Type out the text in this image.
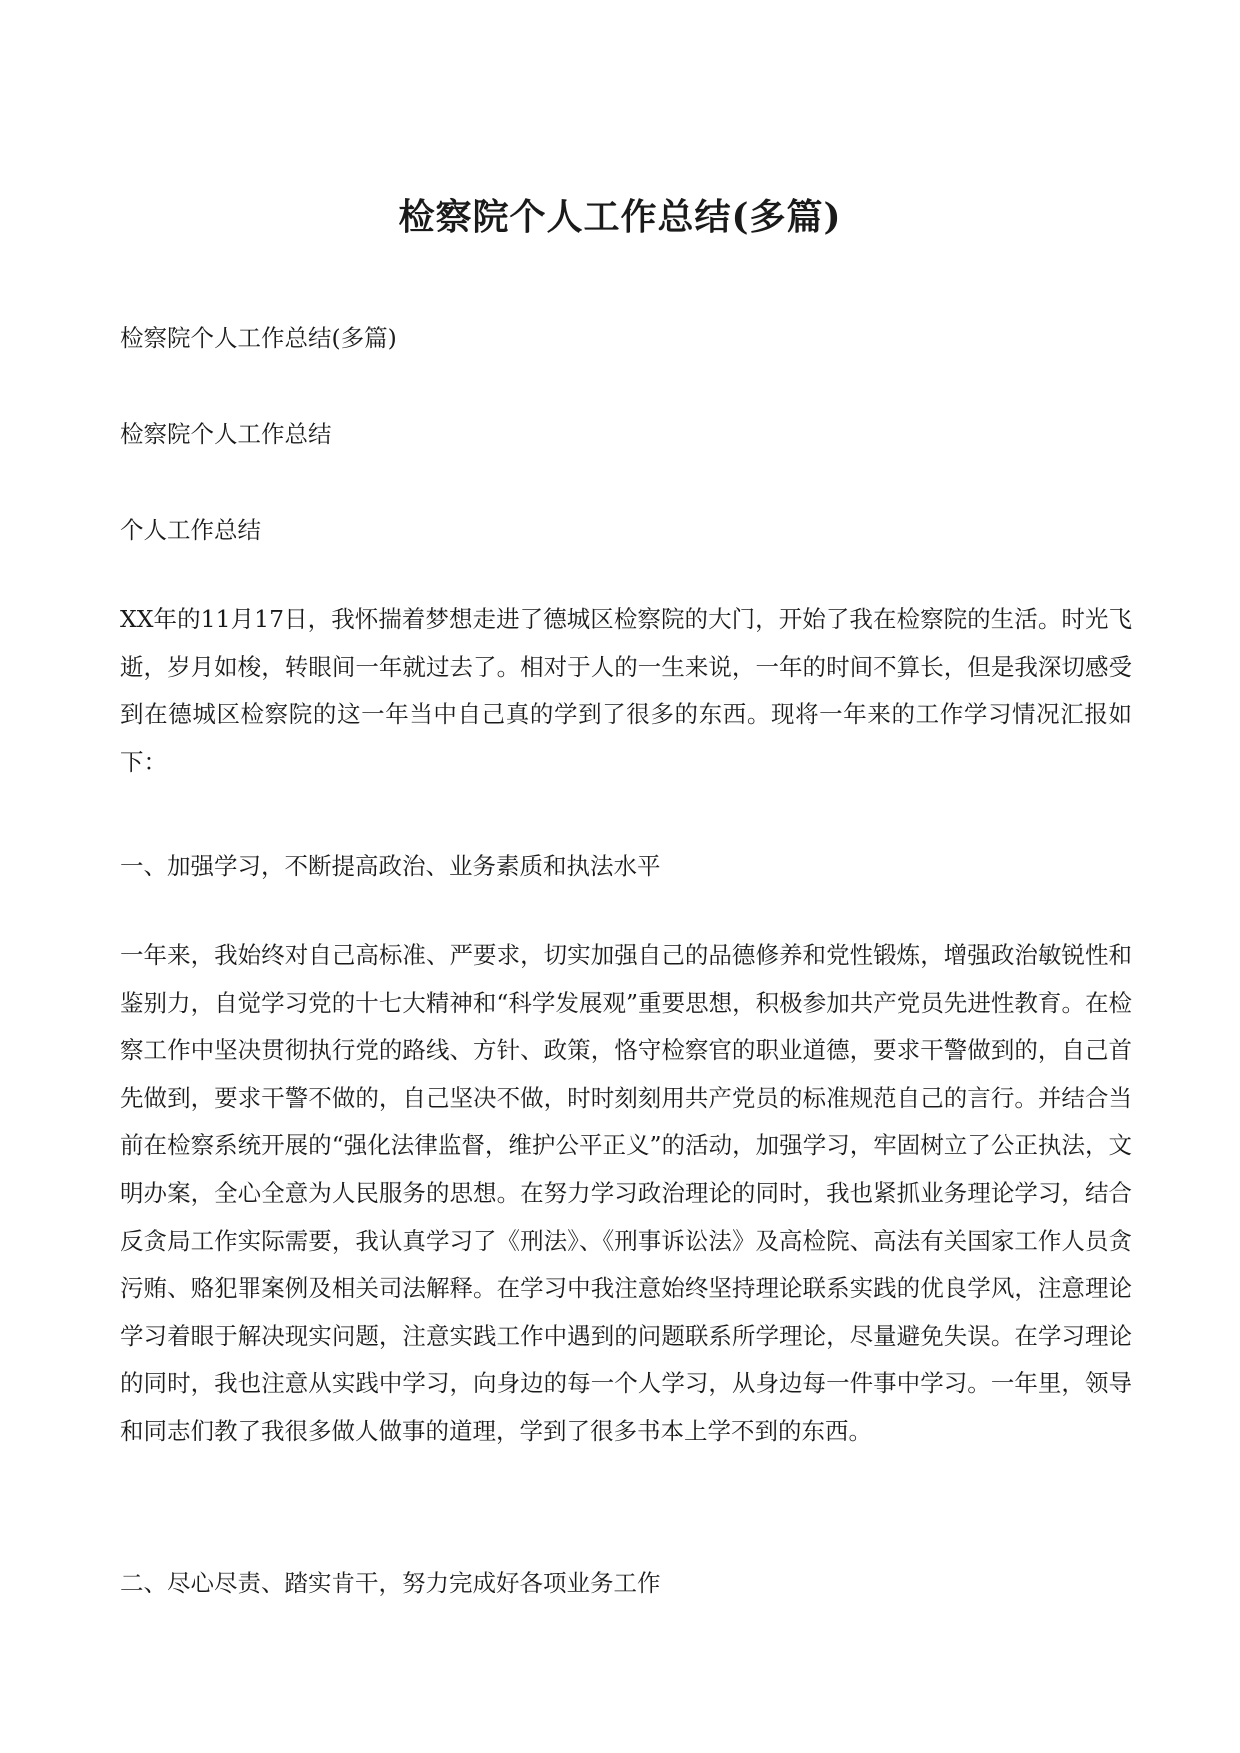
检察院个人工作总结(多篇)

检察院个人工作总结(多篇)

检察院个人工作总结

个人工作总结

XX年的11月17日，我怀揣着梦想走进了德城区检察院的大门，开始了我在检察院的生活。时光飞逝，岁月如梭，转眼间一年就过去了。相对于人的一生来说，一年的时间不算长，但是我深切感受到在德城区检察院的这一年当中自己真的学到了很多的东西。现将一年来的工作学习情况汇报如下：

一、加强学习，不断提高政治、业务素质和执法水平

一年来，我始终对自己高标准、严要求，切实加强自己的品德修养和党性锻炼，增强政治敏锐性和鉴别力，自觉学习党的十七大精神和“科学发展观”重要思想，积极参加共产党员先进性教育。在检察工作中坚决贯彻执行党的路线、方针、政策，恪守检察官的职业道德，要求干警做到的，自己首先做到，要求干警不做的，自己坚决不做，时时刻刻用共产党员的标准规范自己的言行。并结合当前在检察系统开展的“强化法律监督，维护公平正义”的活动，加强学习，牢固树立了公正执法，文明办案，全心全意为人民服务的思想。在努力学习政治理论的同时，我也紧抓业务理论学习，结合反贪局工作实际需要，我认真学习了《刑法》、《刑事诉讼法》及高检院、高法有关国家工作人员贪污贿、赂犯罪案例及相关司法解释。在学习中我注意始终坚持理论联系实践的优良学风，注意理论学习着眼于解决现实问题，注意实践工作中遇到的问题联系所学理论，尽量避免失误。在学习理论的同时，我也注意从实践中学习，向身边的每一个人学习，从身边每一件事中学习。一年里，领导和同志们教了我很多做人做事的道理，学到了很多书本上学不到的东西。

二、尽心尽责、踏实肯干，努力完成好各项业务工作
